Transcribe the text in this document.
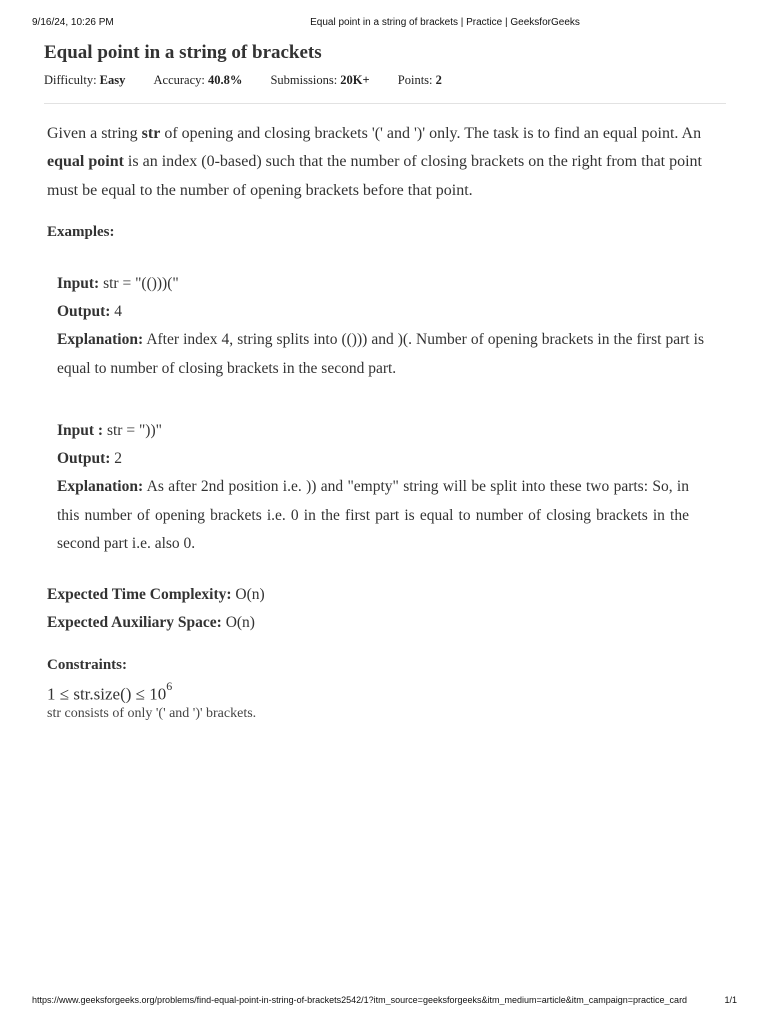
9/16/24, 10:26 PM	Equal point in a string of brackets | Practice | GeeksforGeeks
Equal point in a string of brackets
Difficulty: Easy Accuracy: 40.8% Submissions: 20K+ Points: 2

Given a string str of opening and closing brackets '(' and ')' only. The task is to find an equal point. An equal point is an index (0-based) such that the number of closing brackets on the right from that point must be equal to the number of opening brackets before that point.

Examples:
Input: str = "(()))("
Output: 4
Explanation: After index 4, string splits into (())) and )(. Number of opening brackets in the first part is equal to number of closing brackets in the second part.
Input : str = "))"
Output: 2
Explanation: As after 2nd position i.e. )) and "empty" string will be split into these two parts: So, in this number of opening brackets i.e. 0 in the first part is equal to number of closing brackets in the second part i.e. also 0.
Expected Time Complexity: O(n)
Expected Auxiliary Space: O(n)
Constraints:
1 ≤ str.size() ≤ $10^6$
str consists of only '(' and ')' brackets.
https://www.geeksforgeeks.org/problems/find-equal-point-in-string-of-brackets2542/1?itm_source=geeksforgeeks&itm_medium=article&itm_campaign=practice_card	1/1
